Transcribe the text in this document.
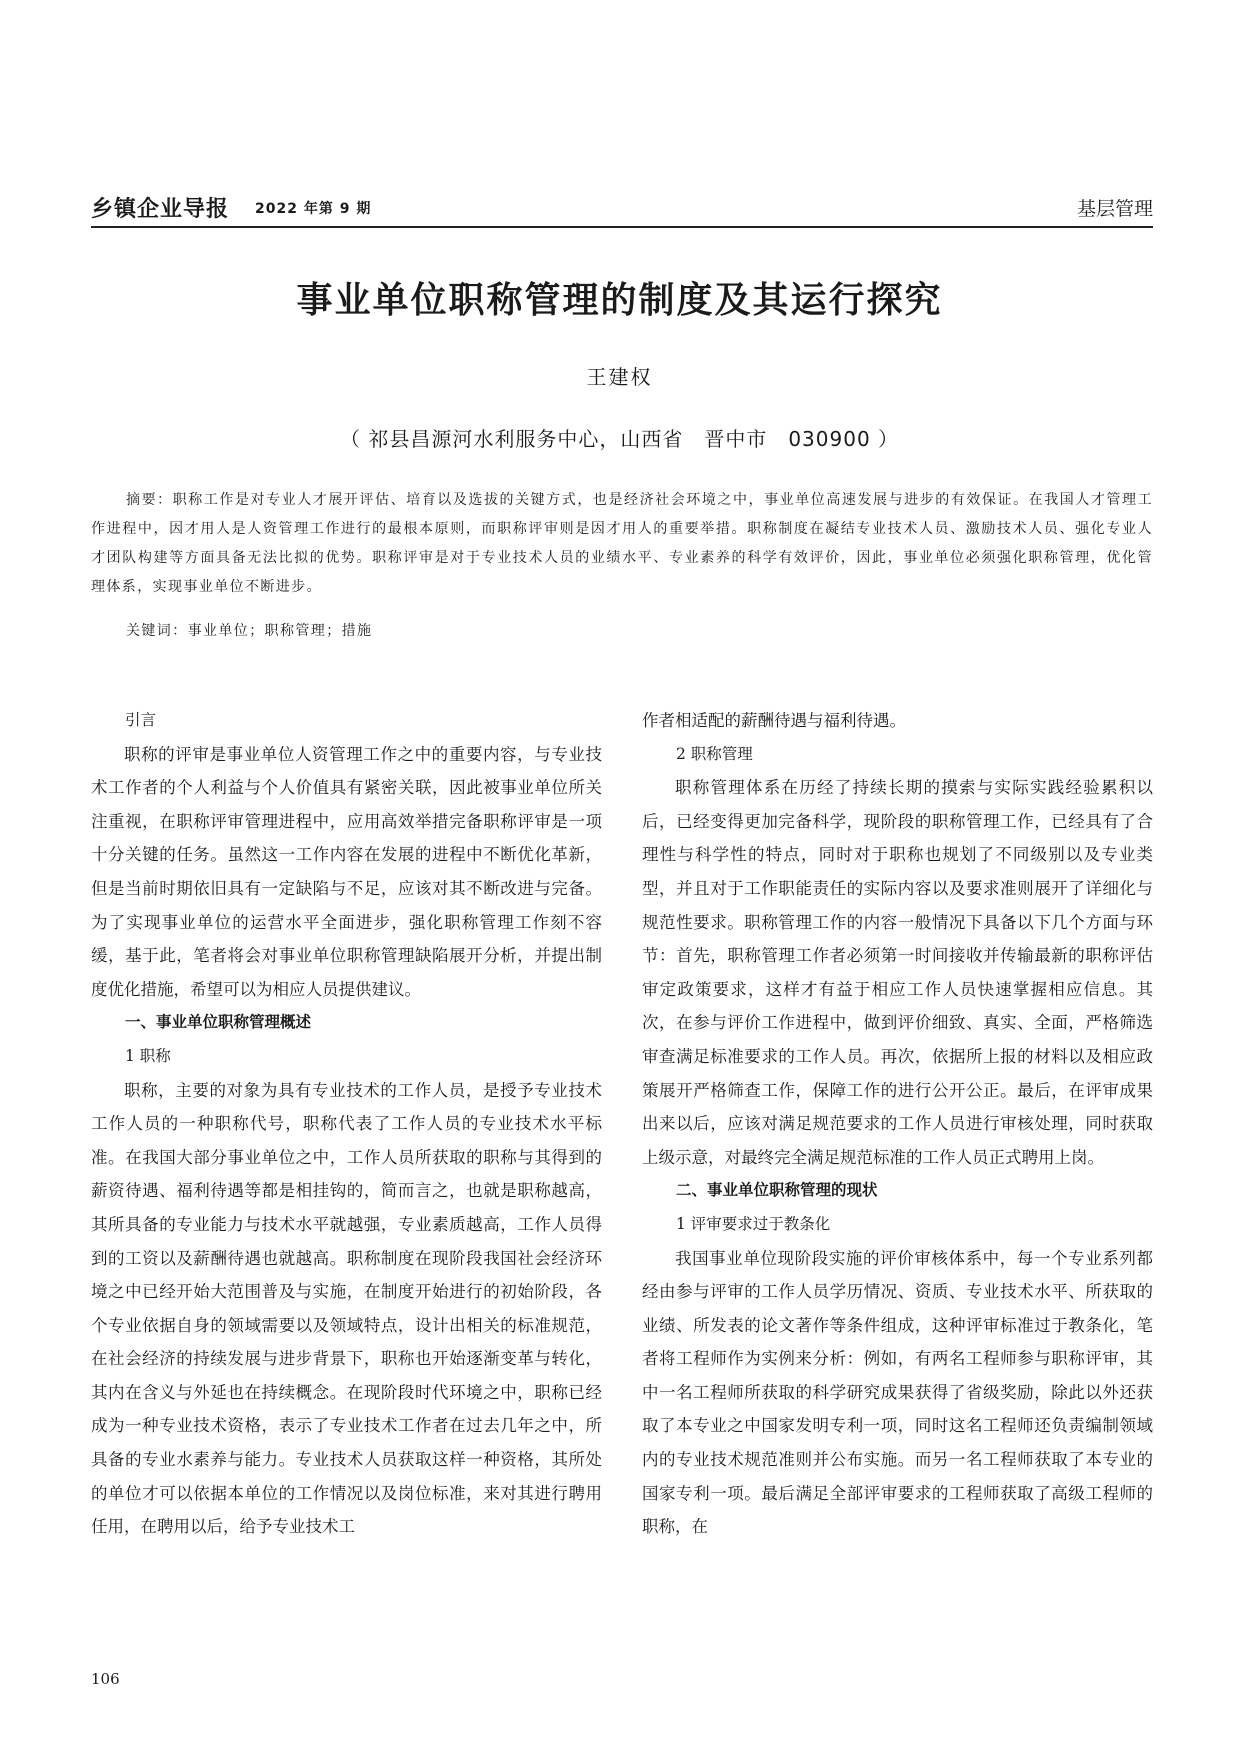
乡镇企业导报 2022 年第 9 期	基层管理
事业单位职称管理的制度及其运行探究
王建权
（ 祁县昌源河水利服务中心，山西省　晋中市　030900 ）
摘要：职称工作是对专业人才展开评估、培育以及选拔的关键方式，也是经济社会环境之中，事业单位高速发展与进步的有效保证。在我国人才管理工作进程中，因才用人是人资管理工作进行的最根本原则，而职称评审则是因才用人的重要举措。职称制度在凝结专业技术人员、激励技术人员、强化专业人才团队构建等方面具备无法比拟的优势。职称评审是对于专业技术人员的业绩水平、专业素养的科学有效评价，因此，事业单位必须强化职称管理，优化管理体系，实现事业单位不断进步。
关键词：事业单位；职称管理；措施
引言

职称的评审是事业单位人资管理工作之中的重要内容，与专业技术工作者的个人利益与个人价值具有紧密关联，因此被事业单位所关注重视，在职称评审管理进程中，应用高效举措完备职称评审是一项十分关键的任务。虽然这一工作内容在发展的进程中不断优化革新，但是当前时期依旧具有一定缺陷与不足，应该对其不断改进与完备。为了实现事业单位的运营水平全面进步，强化职称管理工作刻不容缓，基于此，笔者将会对事业单位职称管理缺陷展开分析，并提出制度优化措施，希望可以为相应人员提供建议。

一、事业单位职称管理概述
1 职称

职称，主要的对象为具有专业技术的工作人员，是授予专业技术工作人员的一种职称代号，职称代表了工作人员的专业技术水平标准。在我国大部分事业单位之中，工作人员所获取的职称与其得到的薪资待遇、福利待遇等都是相挂钩的，简而言之，也就是职称越高，其所具备的专业能力与技术水平就越强，专业素质越高，工作人员得到的工资以及薪酬待遇也就越高。职称制度在现阶段我国社会经济环境之中已经开始大范围普及与实施，在制度开始进行的初始阶段，各个专业依据自身的领域需要以及领域特点，设计出相关的标准规范，在社会经济的持续发展与进步背景下，职称也开始逐渐变革与转化，其内在含义与外延也在持续概念。在现阶段时代环境之中，职称已经成为一种专业技术资格，表示了专业技术工作者在过去几年之中，所具备的专业水素养与能力。专业技术人员获取这样一种资格，其所处的单位才可以依据本单位的工作情况以及岗位标准，来对其进行聘用任用，在聘用以后，给予专业技术工

作者相适配的薪酬待遇与福利待遇。

2 职称管理

职称管理体系在历经了持续长期的摸索与实际实践经验累积以后，已经变得更加完备科学，现阶段的职称管理工作，已经具有了合理性与科学性的特点，同时对于职称也规划了不同级别以及专业类型，并且对于工作职能责任的实际内容以及要求准则展开了详细化与规范性要求。职称管理工作的内容一般情况下具备以下几个方面与环节：首先，职称管理工作者必须第一时间接收并传输最新的职称评估审定政策要求，这样才有益于相应工作人员快速掌握相应信息。其次，在参与评价工作进程中，做到评价细致、真实、全面，严格筛选审查满足标准要求的工作人员。再次，依据所上报的材料以及相应政策展开严格筛查工作，保障工作的进行公开公正。最后，在评审成果出来以后，应该对满足规范要求的工作人员进行审核处理，同时获取上级示意，对最终完全满足规范标准的工作人员正式聘用上岗。

二、事业单位职称管理的现状
1 评审要求过于教条化

我国事业单位现阶段实施的评价审核体系中，每一个专业系列都经由参与评审的工作人员学历情况、资质、专业技术水平、所获取的业绩、所发表的论文著作等条件组成，这种评审标准过于教条化，笔者将工程师作为实例来分析：例如，有两名工程师参与职称评审，其中一名工程师所获取的科学研究成果获得了省级奖励，除此以外还获取了本专业之中国家发明专利一项，同时这名工程师还负责编制领域内的专业技术规范准则并公布实施。而另一名工程师获取了本专业的国家专利一项。最后满足全部评审要求的工程师获取了高级工程师的职称，在

106
